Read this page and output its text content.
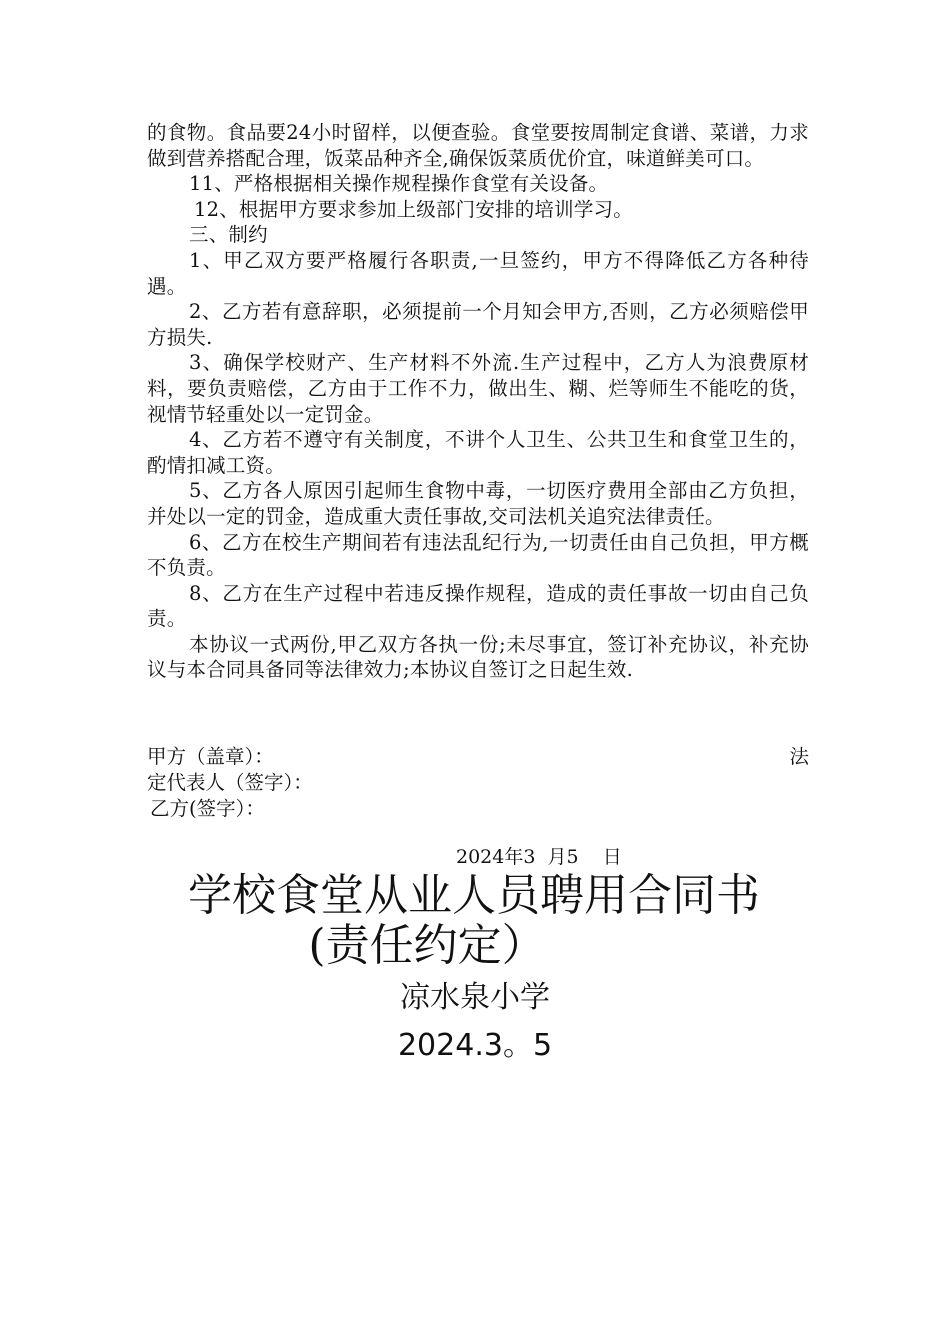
的食物。食品要24小时留样，以便查验。食堂要按周制定食谱、菜谱，力求做到营养搭配合理，饭菜品种齐全,确保饭菜质优价宜，味道鲜美可口。

11、严格根据相关操作规程操作食堂有关设备。

12、根据甲方要求参加上级部门安排的培训学习。

三、制约

1、甲乙双方要严格履行各职责,一旦签约，甲方不得降低乙方各种待遇。

2、乙方若有意辞职，必须提前一个月知会甲方,否则，乙方必须赔偿甲方损失.

3、确保学校财产、生产材料不外流.生产过程中，乙方人为浪费原材料，要负责赔偿，乙方由于工作不力，做出生、糊、烂等师生不能吃的货，视情节轻重处以一定罚金。

4、乙方若不遵守有关制度，不讲个人卫生、公共卫生和食堂卫生的，酌情扣减工资。

5、乙方各人原因引起师生食物中毒，一切医疗费用全部由乙方负担，并处以一定的罚金，造成重大责任事故,交司法机关追究法律责任。

6、乙方在校生产期间若有违法乱纪行为,一切责任由自己负担，甲方概不负责。

8、乙方在生产过程中若违反操作规程，造成的责任事故一切由自己负责。

本协议一式两份,甲乙双方各执一份;未尽事宜，签订补充协议，补充协议与本合同具备同等法律效力;本协议自签订之日起生效.

甲方（盖章）：	法
定代表人（签字）：
乙方(签字）：
2024年3  月5    日
学校食堂从业人员聘用合同书
(责任约定）
凉水泉小学
2024.3。5
